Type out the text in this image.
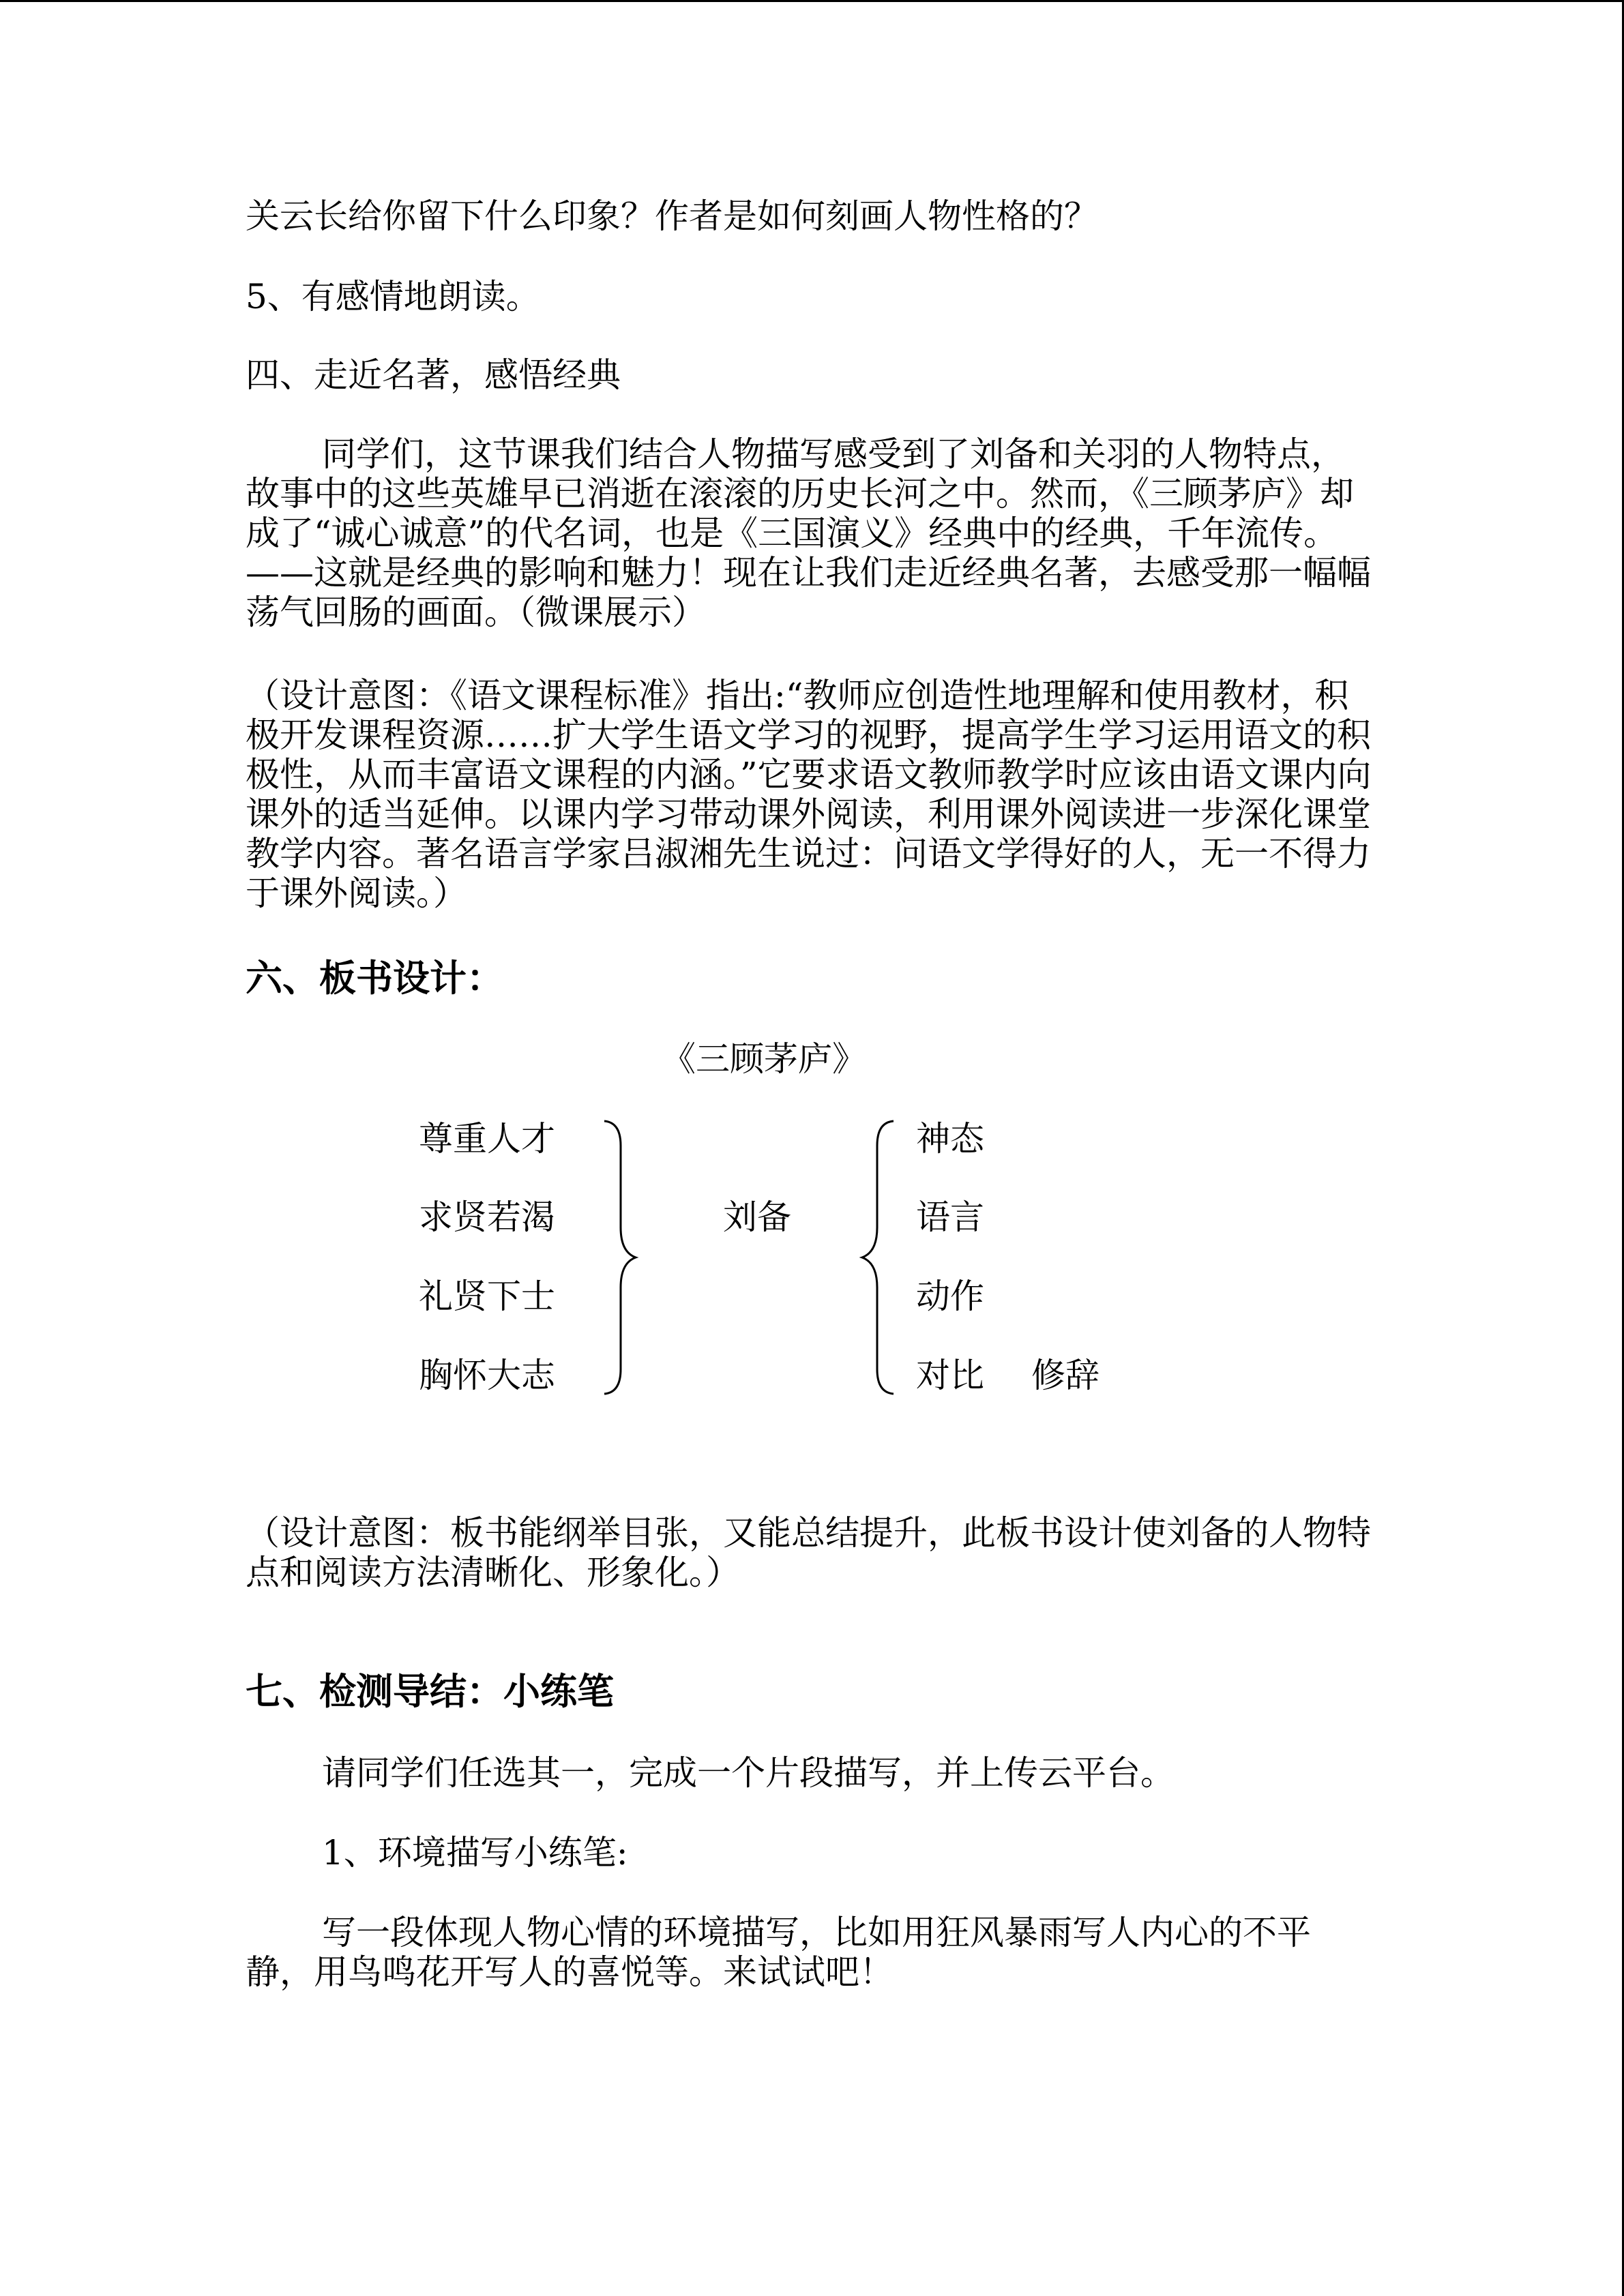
关云长给你留下什么印象？作者是如何刻画人物性格的？
5、有感情地朗读。
四、走近名著，感悟经典
同学们，这节课我们结合人物描写感受到了刘备和关羽的人物特点，故事中的这些英雄早已消逝在滚滚的历史长河之中。然而，《三顾茅庐》却成了“诚心诚意”的代名词，也是《三国演义》经典中的经典，千年流传。——这就是经典的影响和魅力！现在让我们走近经典名著，去感受那一幅幅荡气回肠的画面。（微课展示）
（设计意图：《语文课程标准》指出:“教师应创造性地理解和使用教材，积极开发课程资源……扩大学生语文学习的视野，提高学生学习运用语文的积极性，从而丰富语文课程的内涵。”它要求语文教师教学时应该由语文课内向课外的适当延伸。以课内学习带动课外阅读，利用课外阅读进一步深化课堂教学内容。著名语言学家吕淑湘先生说过：问语文学得好的人，无一不得力于课外阅读。）
六、板书设计：
《三顾茅庐》
尊重人才
求贤若渴
礼贤下士
胸怀大志
刘备
神态
语言
动作
对比 修辞
（设计意图：板书能纲举目张，又能总结提升，此板书设计使刘备的人物特点和阅读方法清晰化、形象化。）
七、检测导结：小练笔
请同学们任选其一，完成一个片段描写，并上传云平台。
1、环境描写小练笔:
写一段体现人物心情的环境描写，比如用狂风暴雨写人内心的不平静，用鸟鸣花开写人的喜悦等。来试试吧！
